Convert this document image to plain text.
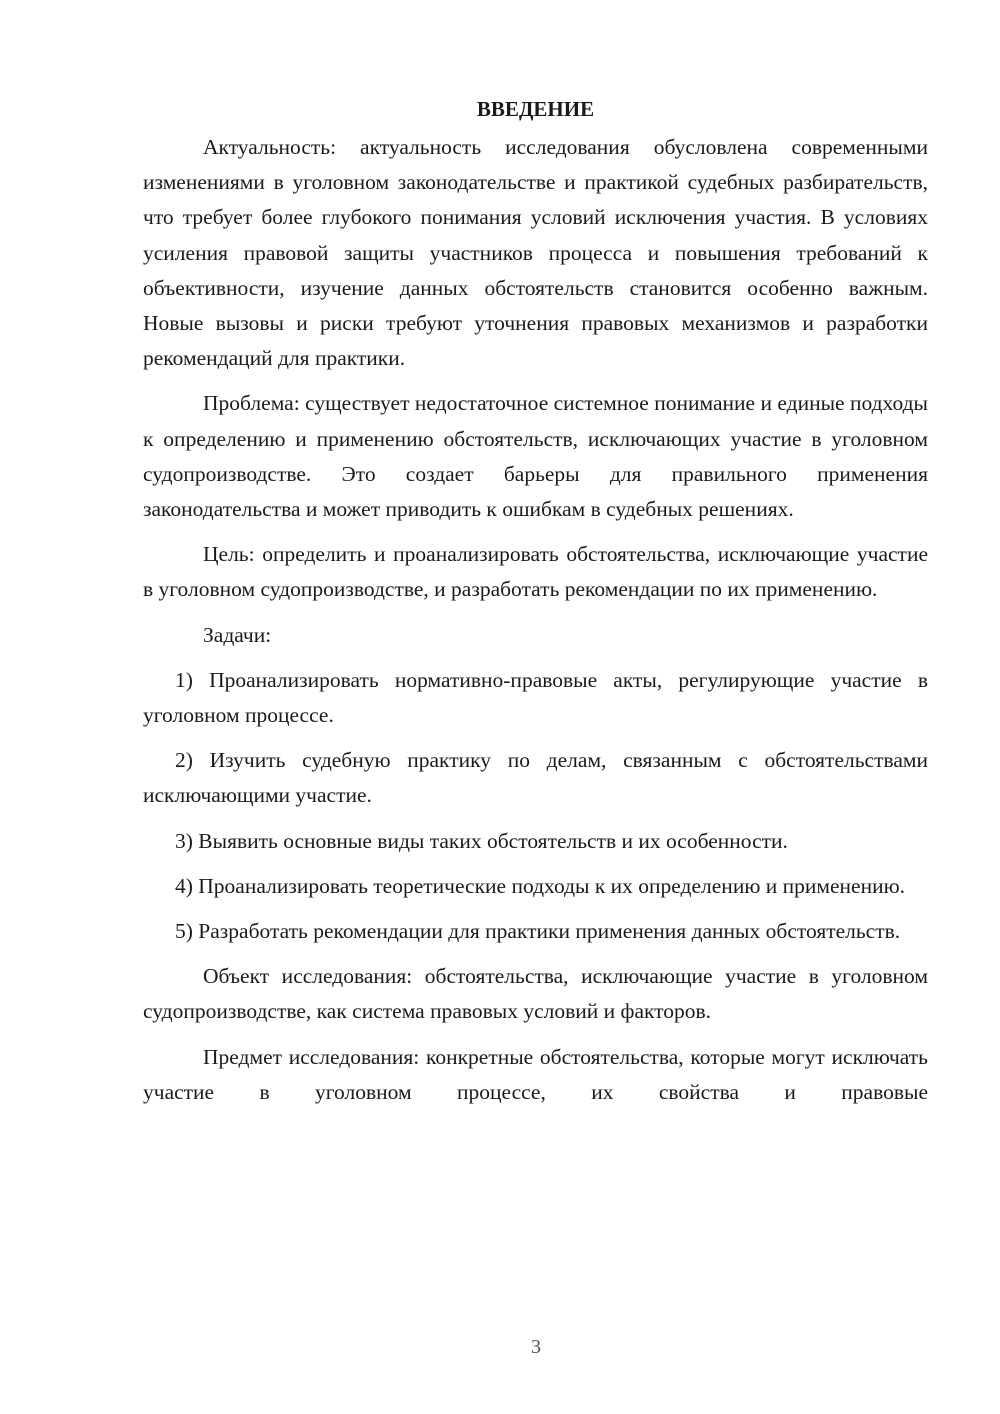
ВВЕДЕНИЕ

Актуальность: актуальность исследования обусловлена современными изменениями в уголовном законодательстве и практикой судебных разбирательств, что требует более глубокого понимания условий исключения участия. В условиях усиления правовой защиты участников процесса и повышения требований к объективности, изучение данных обстоятельств становится особенно важным. Новые вызовы и риски требуют уточнения правовых механизмов и разработки рекомендаций для практики.

Проблема: существует недостаточное системное понимание и единые подходы к определению и применению обстоятельств, исключающих участие в уголовном судопроизводстве. Это создает барьеры для правильного применения законодательства и может приводить к ошибкам в судебных решениях.

Цель: определить и проанализировать обстоятельства, исключающие участие в уголовном судопроизводстве, и разработать рекомендации по их применению.

Задачи:

1) Проанализировать нормативно-правовые акты, регулирующие участие в уголовном процессе.

2) Изучить судебную практику по делам, связанным с обстоятельствами исключающими участие.

3) Выявить основные виды таких обстоятельств и их особенности.

4) Проанализировать теоретические подходы к их определению и применению.

5) Разработать рекомендации для практики применения данных обстоятельств.

Объект исследования: обстоятельства, исключающие участие в уголовном судопроизводстве, как система правовых условий и факторов.

Предмет исследования: конкретные обстоятельства, которые могут исключать участие в уголовном процессе, их свойства и правовые

3
